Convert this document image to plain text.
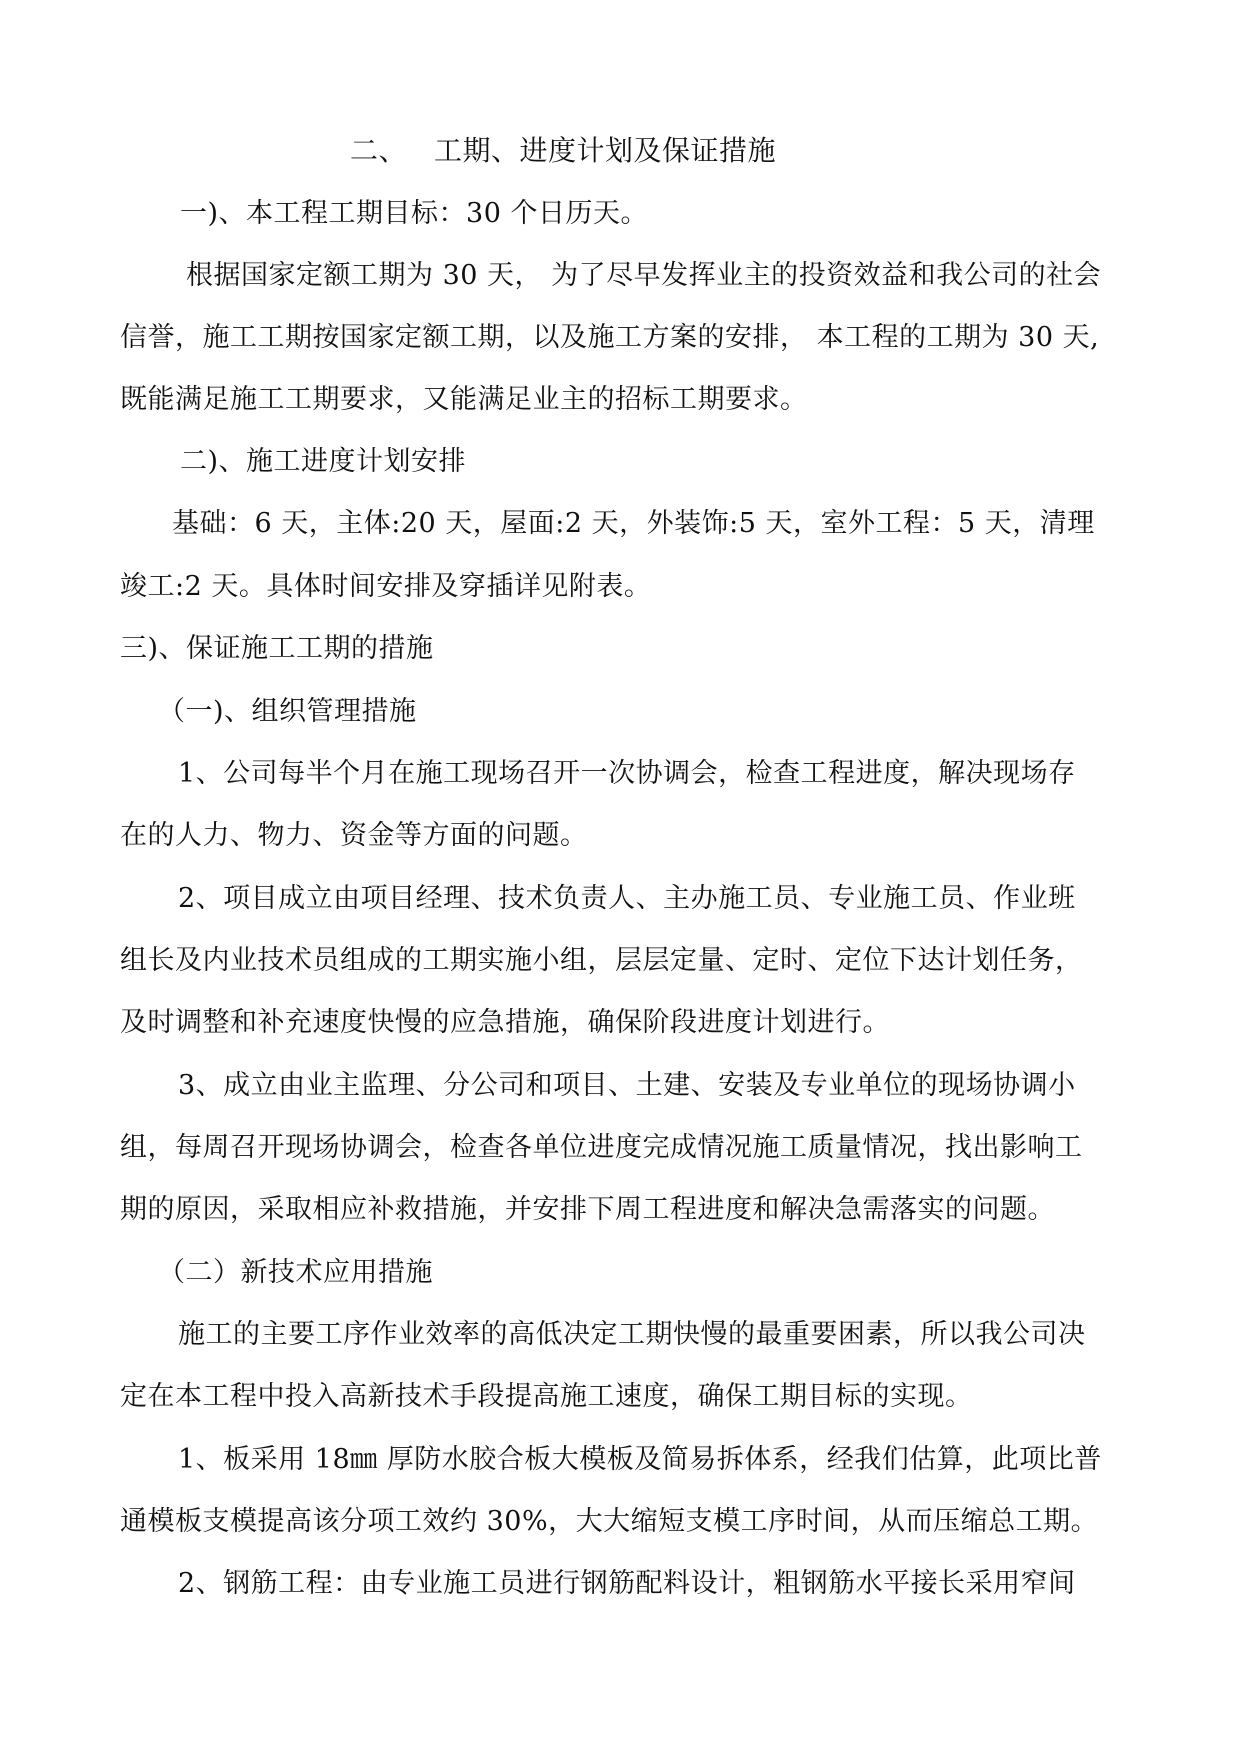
二、 工期、进度计划及保证措施
一)、本工程工期目标：30 个日历天。
根据国家定额工期为 30 天， 为了尽早发挥业主的投资效益和我公司的社会
信誉，施工工期按国家定额工期，以及施工方案的安排， 本工程的工期为 30 天,
既能满足施工工期要求，又能满足业主的招标工期要求。
二)、施工进度计划安排
基础：6 天，主体:20 天，屋面:2 天，外装饰:5 天，室外工程：5 天，清理
竣工:2 天。具体时间安排及穿插详见附表。
三)、保证施工工期的措施
（一)、组织管理措施
1、公司每半个月在施工现场召开一次协调会，检查工程进度，解决现场存
在的人力、物力、资金等方面的问题。
2、项目成立由项目经理、技术负责人、主办施工员、专业施工员、作业班
组长及内业技术员组成的工期实施小组，层层定量、定时、定位下达计划任务，
及时调整和补充速度快慢的应急措施，确保阶段进度计划进行。
3、成立由业主监理、分公司和项目、土建、安装及专业单位的现场协调小
组，每周召开现场协调会，检查各单位进度完成情况施工质量情况，找出影响工
期的原因，采取相应补救措施，并安排下周工程进度和解决急需落实的问题。
（二）新技术应用措施
施工的主要工序作业效率的高低决定工期快慢的最重要困素，所以我公司决
定在本工程中投入高新技术手段提高施工速度，确保工期目标的实现。
1、板采用 18㎜ 厚防水胶合板大模板及简易拆体系，经我们估算，此项比普
通模板支模提高该分项工效约 30%，大大缩短支模工序时间，从而压缩总工期。
2、钢筋工程：由专业施工员进行钢筋配料设计，粗钢筋水平接长采用窄间
